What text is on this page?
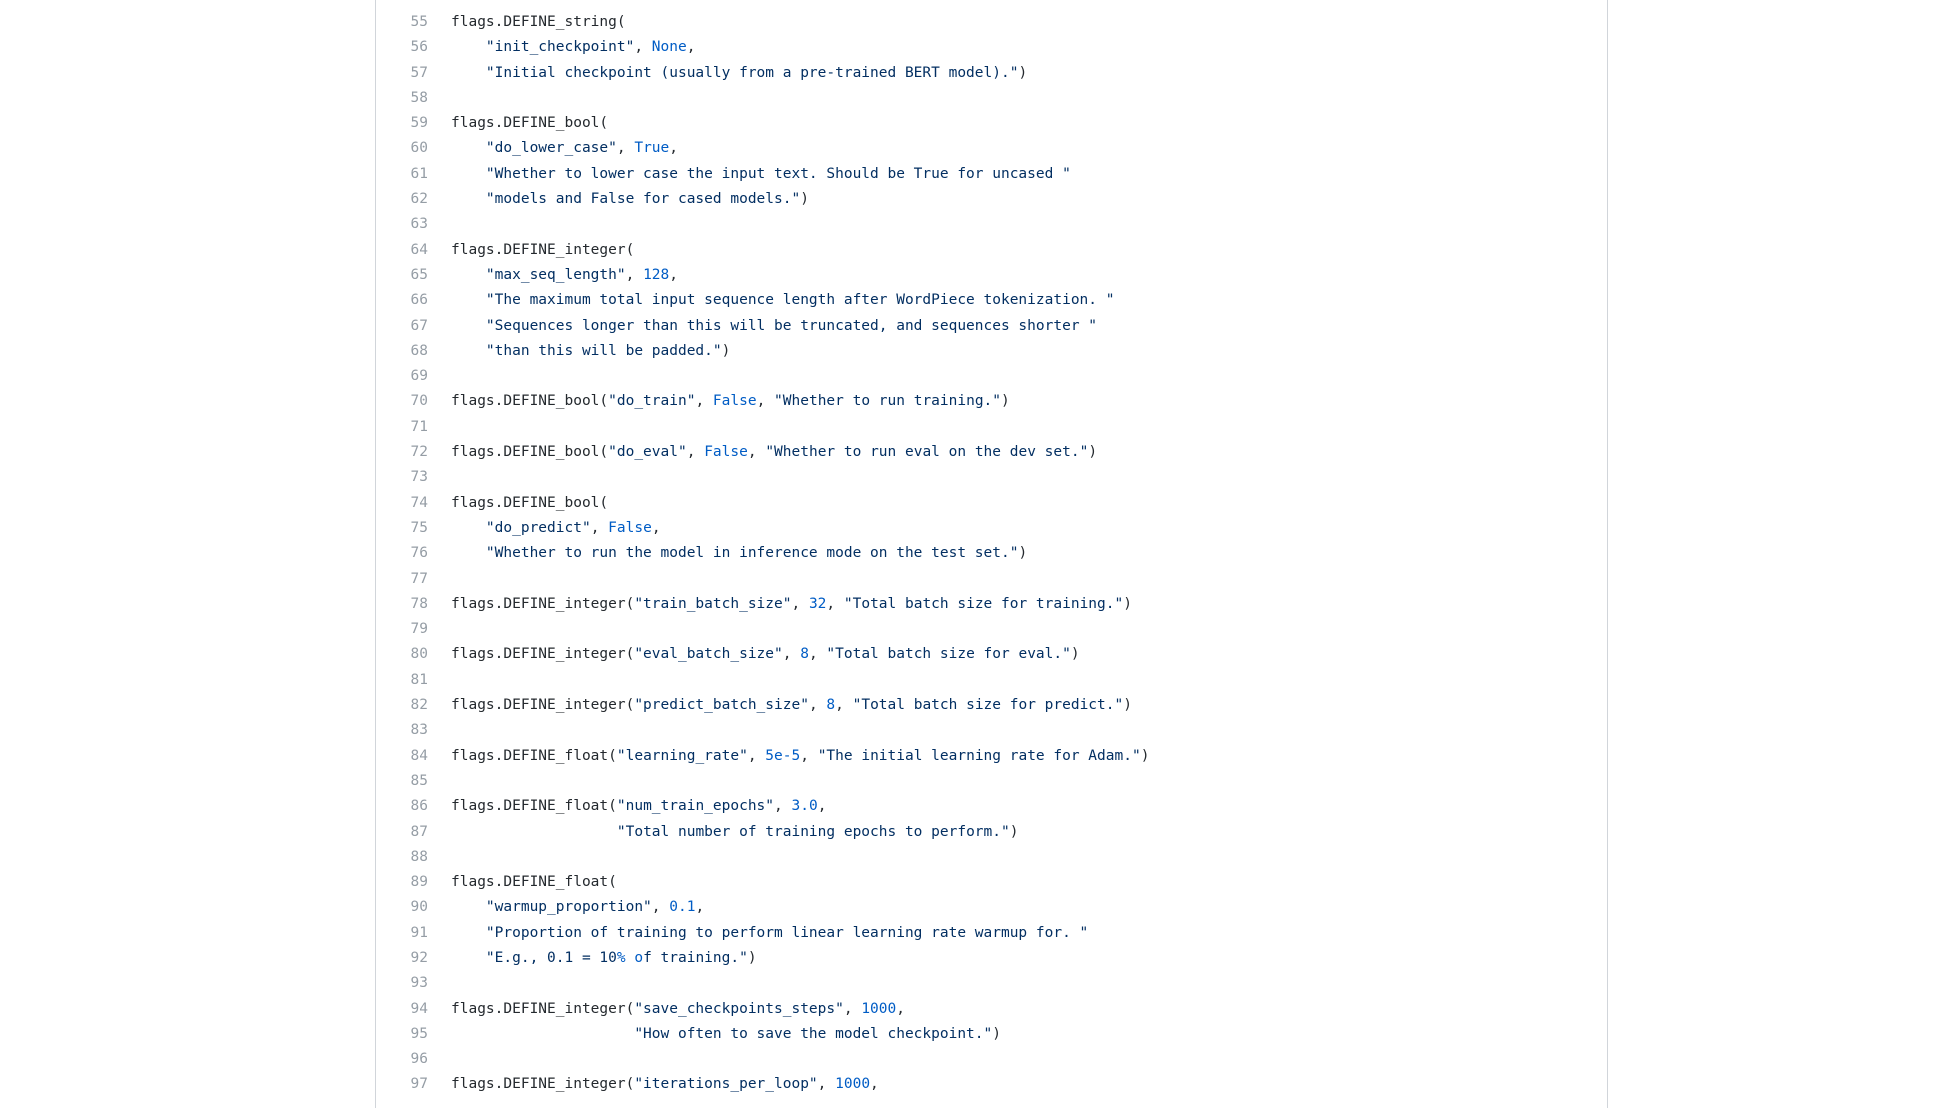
55	flags.DEFINE_string(
56	"init_checkpoint", None,
57	"Initial checkpoint (usually from a pre-trained BERT model).")
58
59	flags.DEFINE_bool(
60	"do_lower_case", True,
61	"Whether to lower case the input text. Should be True for uncased "
62	"models and False for cased models.")
63
64	flags.DEFINE_integer(
65	"max_seq_length", 128,
66	"The maximum total input sequence length after WordPiece tokenization. "
67	"Sequences longer than this will be truncated, and sequences shorter "
68	"than this will be padded.")
69
70	flags.DEFINE_bool("do_train", False, "Whether to run training.")
71
72	flags.DEFINE_bool("do_eval", False, "Whether to run eval on the dev set.")
73
74	flags.DEFINE_bool(
75	"do_predict", False,
76	"Whether to run the model in inference mode on the test set.")
77
78	flags.DEFINE_integer("train_batch_size", 32, "Total batch size for training.")
79
80	flags.DEFINE_integer("eval_batch_size", 8, "Total batch size for eval.")
81
82	flags.DEFINE_integer("predict_batch_size", 8, "Total batch size for predict.")
83
84	flags.DEFINE_float("learning_rate", 5e-5, "The initial learning rate for Adam.")
85
86	flags.DEFINE_float("num_train_epochs", 3.0,
87	"Total number of training epochs to perform.")
88
89	flags.DEFINE_float(
90	"warmup_proportion", 0.1,
91	"Proportion of training to perform linear learning rate warmup for. "
92	"E.g., 0.1 = 10% of training.")
93
94	flags.DEFINE_integer("save_checkpoints_steps", 1000,
95	"How often to save the model checkpoint.")
96
97	flags.DEFINE_integer("iterations_per_loop", 1000,
